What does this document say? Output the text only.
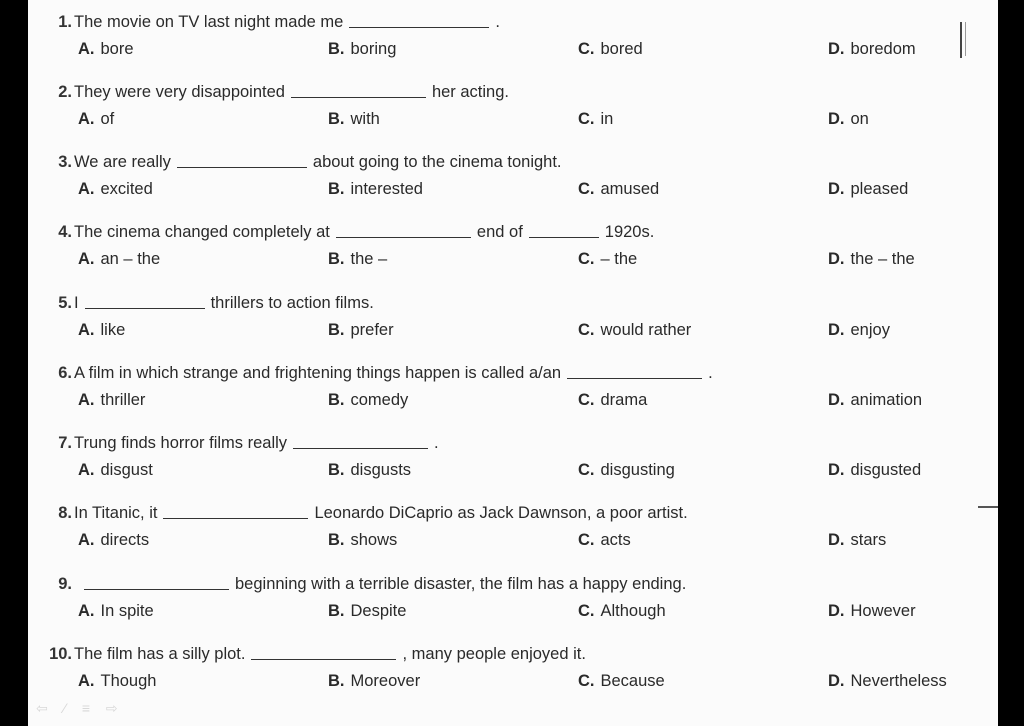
1. The movie on TV last night made me	.
A. bore	B. boring	C. bored	D. boredom
2. They were very disappointed	her acting.
A. of	B. with	C. in	D. on
3. We are really	about going to the cinema tonight.
A. excited	B. interested	C. amused	D. pleased
4. The cinema changed completely at	end of	1920s.
A. an – the	B. the –	C. – the	D. the – the
5. I	thrillers to action films.
A. like	B. prefer	C. would rather	D. enjoy
6. A film in which strange and frightening things happen is called a/an	.
A. thriller	B. comedy	C. drama	D. animation
7. Trung finds horror films really	.
A. disgust	B. disgusts	C. disgusting	D. disgusted
8. In Titanic, it	Leonardo DiCaprio as Jack Dawnson, a poor artist.
A. directs	B. shows	C. acts	D. stars
9.	beginning with a terrible disaster, the film has a happy ending.
A. In spite	B. Despite	C. Although	D. However
10. The film has a silly plot.	, many people enjoyed it.
A. Though	B. Moreover	C. Because	D. Nevertheless
⇦ ⁄ ≡ ⇨
